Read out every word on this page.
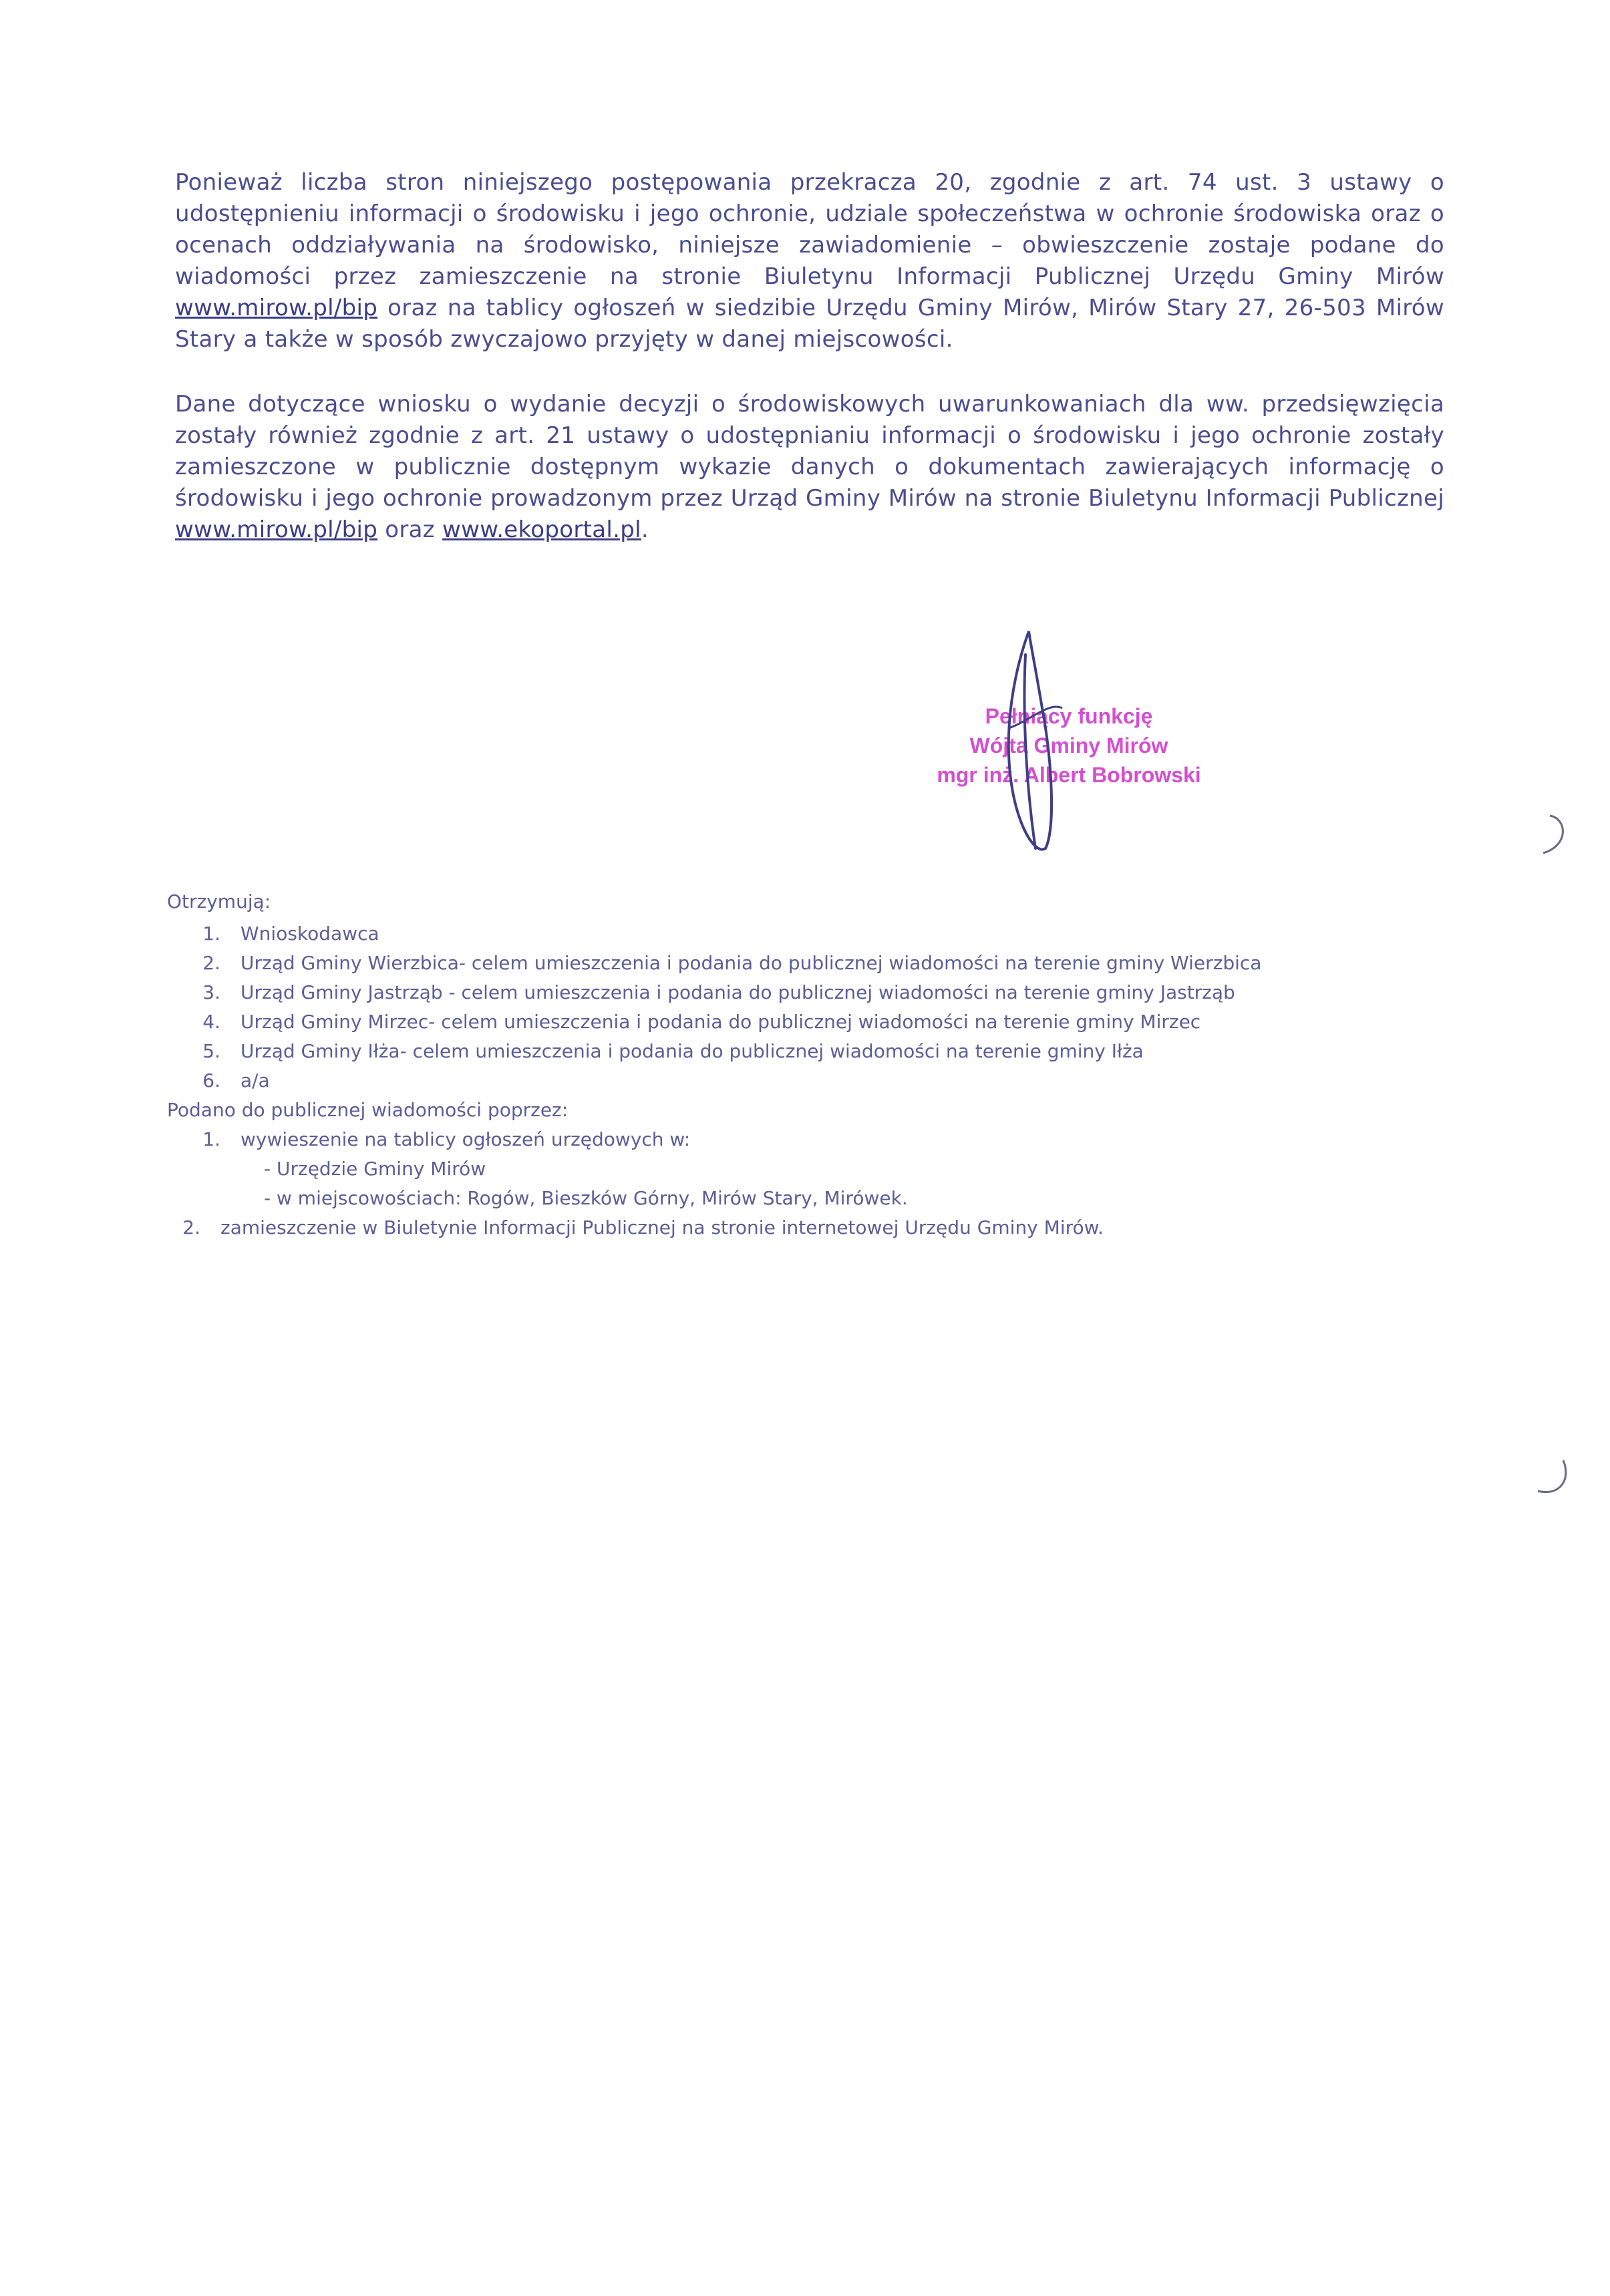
Ponieważ liczba stron niniejszego postępowania przekracza 20, zgodnie z art. 74 ust. 3 ustawy o udostępnieniu informacji o środowisku i jego ochronie, udziale społeczeństwa w ochronie środowiska oraz o ocenach oddziaływania na środowisko, niniejsze zawiadomienie – obwieszczenie zostaje podane do wiadomości przez zamieszczenie na stronie Biuletynu Informacji Publicznej Urzędu Gminy Mirów www.mirow.pl/bip oraz na tablicy ogłoszeń w siedzibie Urzędu Gminy Mirów, Mirów Stary 27, 26-503 Mirów Stary a także w sposób zwyczajowo przyjęty w danej miejscowości.

Dane dotyczące wniosku o wydanie decyzji o środowiskowych uwarunkowaniach dla ww. przedsięwzięcia zostały również zgodnie z art. 21 ustawy o udostępnianiu informacji o środowisku i jego ochronie zostały zamieszczone w publicznie dostępnym wykazie danych o dokumentach zawierających informację o środowisku i jego ochronie prowadzonym przez Urząd Gminy Mirów na stronie Biuletynu Informacji Publicznej www.mirow.pl/bip oraz www.ekoportal.pl.

Pełniący funkcję
Wójta Gminy Mirów
mgr inż. Albert Bobrowski
Otrzymują:
1. Wnioskodawca
2. Urząd Gminy Wierzbica- celem umieszczenia i podania do publicznej wiadomości na terenie gminy Wierzbica
3. Urząd Gminy Jastrząb - celem umieszczenia i podania do publicznej wiadomości na terenie gminy Jastrząb
4. Urząd Gminy Mirzec- celem umieszczenia i podania do publicznej wiadomości na terenie gminy Mirzec
5. Urząd Gminy Iłża- celem umieszczenia i podania do publicznej wiadomości na terenie gminy Iłża
6. a/a
Podano do publicznej wiadomości poprzez:
1. wywieszenie na tablicy ogłoszeń urzędowych w:
- Urzędzie Gminy Mirów
- w miejscowościach: Rogów, Bieszków Górny, Mirów Stary, Mirówek.
2. zamieszczenie w Biuletynie Informacji Publicznej na stronie internetowej Urzędu Gminy Mirów.
